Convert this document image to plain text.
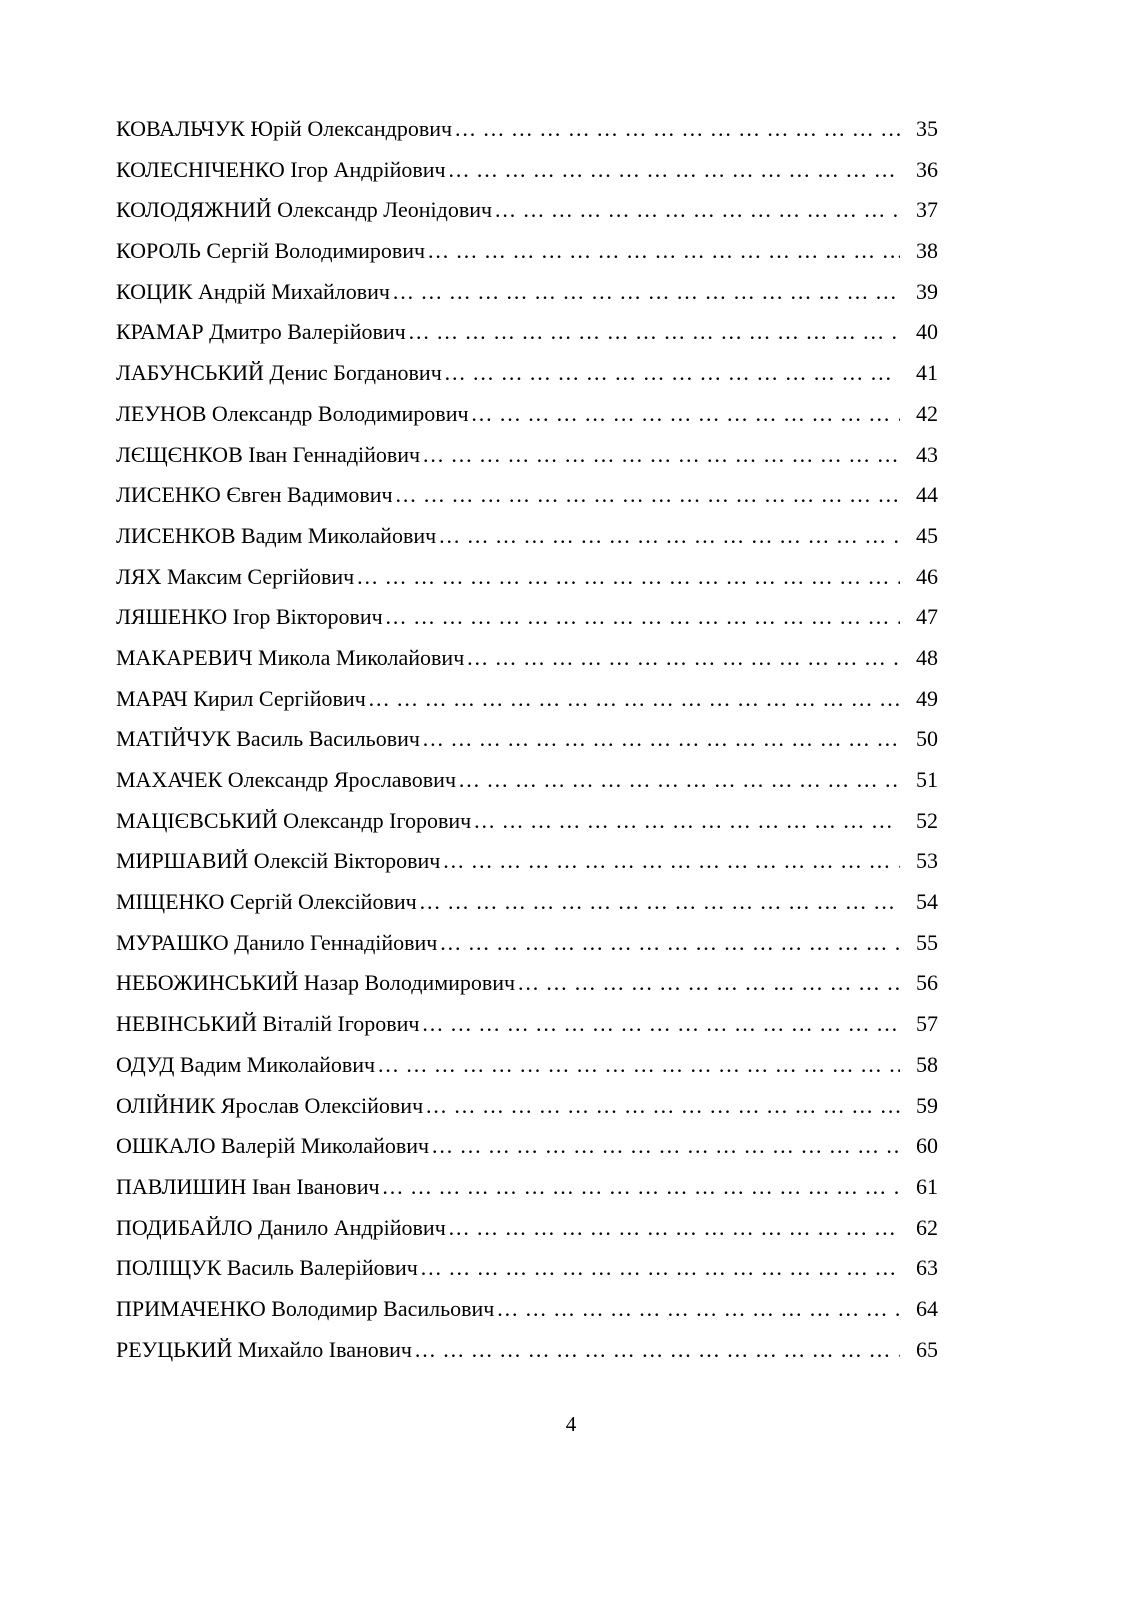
КОВАЛЬЧУК Юрій Олександрович … … … … … … … … … … … … … … … … … … … … … … … … … … … … … …	35
КОЛЕСНІЧЕНКО Ігор Андрійович … … … … … … … … … … … … … … … … … … … … … … … … … … … … … …	36
КОЛОДЯЖНИЙ Олександр Леонідович … … … … … … … … … … … … … … … … … … … … … … … … … … … … … …	37
КОРОЛЬ Сергій Володимирович … … … … … … … … … … … … … … … … … … … … … … … … … … … … … …	38
КОЦИК Андрій Михайлович … … … … … … … … … … … … … … … … … … … … … … … … … … … … … …	39
КРАМАР Дмитро Валерійович … … … … … … … … … … … … … … … … … … … … … … … … … … … … … …	40
ЛАБУНСЬКИЙ Денис Богданович … … … … … … … … … … … … … … … … … … … … … … … … … … … … … …	41
ЛЕУНОВ Олександр Володимирович … … … … … … … … … … … … … … … … … … … … … … … … … … … … … …	42
ЛЄЩЄНКОВ Іван Геннадійович … … … … … … … … … … … … … … … … … … … … … … … … … … … … … …	43
ЛИСЕНКО Євген Вадимович … … … … … … … … … … … … … … … … … … … … … … … … … … … … … …	44
ЛИСЕНКОВ Вадим Миколайович … … … … … … … … … … … … … … … … … … … … … … … … … … … … … …	45
ЛЯХ Максим Сергійович … … … … … … … … … … … … … … … … … … … … … … … … … … … … … …	46
ЛЯШЕНКО Ігор Вікторович … … … … … … … … … … … … … … … … … … … … … … … … … … … … … …	47
МАКАРЕВИЧ Микола Миколайович … … … … … … … … … … … … … … … … … … … … … … … … … … … … … …	48
МАРАЧ Кирил Сергійович … … … … … … … … … … … … … … … … … … … … … … … … … … … … … …	49
МАТІЙЧУК Василь Васильович … … … … … … … … … … … … … … … … … … … … … … … … … … … … … …	50
МАХАЧЕК Олександр Ярославович … … … … … … … … … … … … … … … … … … … … … … … … … … … … … …	51
МАЦІЄВСЬКИЙ Олександр Ігорович … … … … … … … … … … … … … … … … … … … … … … … … … … … … … …	52
МИРШАВИЙ Олексій Вікторович … … … … … … … … … … … … … … … … … … … … … … … … … … … … … …	53
МІЩЕНКО Сергій Олексійович … … … … … … … … … … … … … … … … … … … … … … … … … … … … … …	54
МУРАШКО Данило Геннадійович … … … … … … … … … … … … … … … … … … … … … … … … … … … … … …	55
НЕБОЖИНСЬКИЙ Назар Володимирович … … … … … … … … … … … … … … … … … … … … … … … … … … … … … …	56
НЕВІНСЬКИЙ Віталій Ігорович … … … … … … … … … … … … … … … … … … … … … … … … … … … … … …	57
ОДУД Вадим Миколайович … … … … … … … … … … … … … … … … … … … … … … … … … … … … … …	58
ОЛІЙНИК Ярослав Олексійович … … … … … … … … … … … … … … … … … … … … … … … … … … … … … …	59
ОШКАЛО Валерій Миколайович … … … … … … … … … … … … … … … … … … … … … … … … … … … … … …	60
ПАВЛИШИН Іван Іванович … … … … … … … … … … … … … … … … … … … … … … … … … … … … … …	61
ПОДИБАЙЛО Данило Андрійович … … … … … … … … … … … … … … … … … … … … … … … … … … … … … …	62
ПОЛІЩУК Василь Валерійович … … … … … … … … … … … … … … … … … … … … … … … … … … … … … …	63
ПРИМАЧЕНКО Володимир Васильович … … … … … … … … … … … … … … … … … … … … … … … … … … … … … …	64
РЕУЦЬКИЙ Михайло Іванович … … … … … … … … … … … … … … … … … … … … … … … … … … … … … …	65
4
